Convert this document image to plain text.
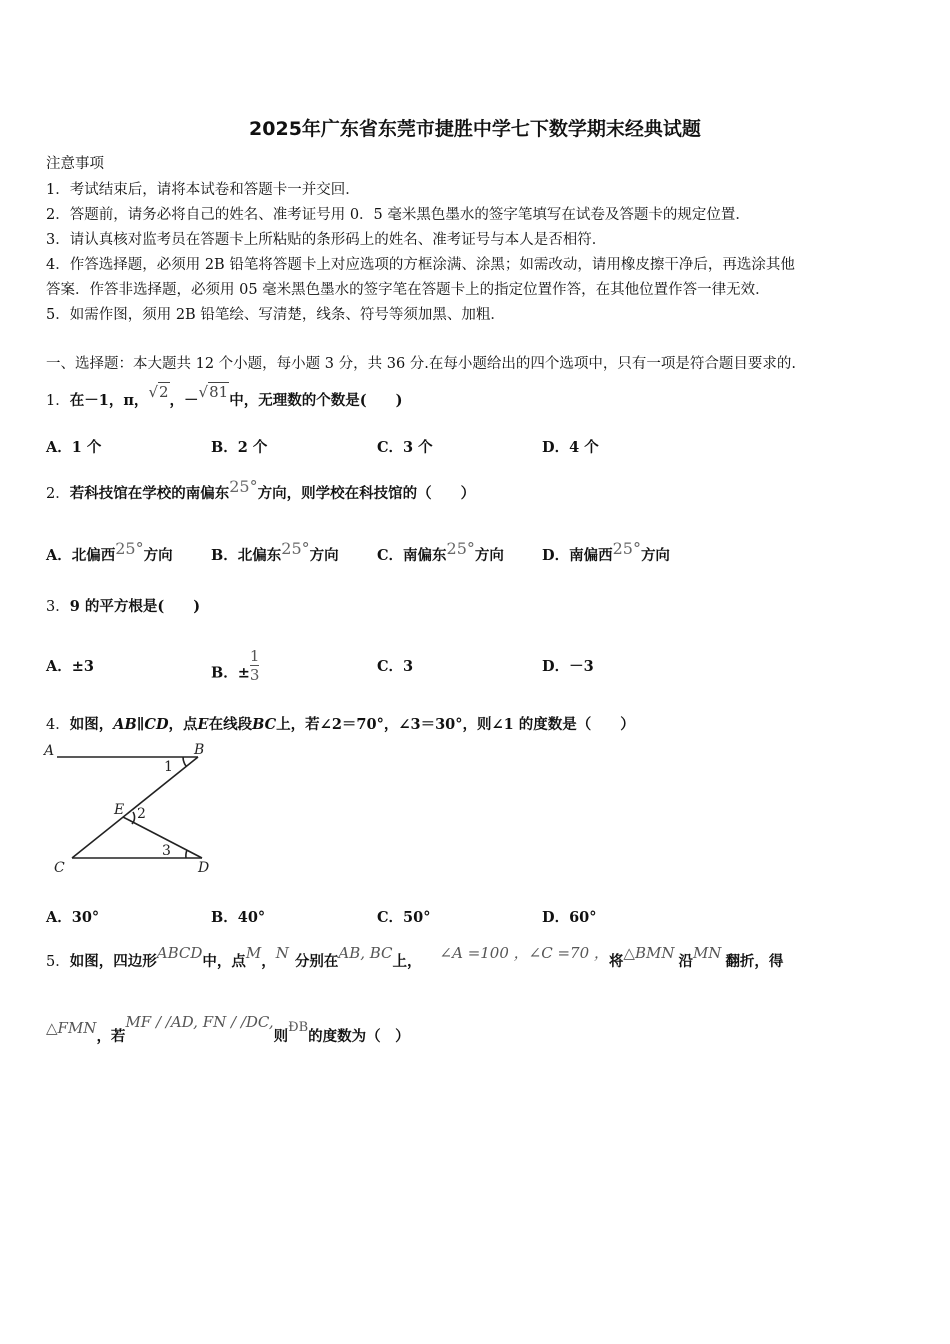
2025年广东省东莞市捷胜中学七下数学期末经典试题
注意事项
1．考试结束后，请将本试卷和答题卡一并交回．
2．答题前，请务必将自己的姓名、准考证号用 0．5 毫米黑色墨水的签字笔填写在试卷及答题卡的规定位置．
3．请认真核对监考员在答题卡上所粘贴的条形码上的姓名、准考证号与本人是否相符．
4．作答选择题，必须用 2B 铅笔将答题卡上对应选项的方框涂满、涂黑；如需改动，请用橡皮擦干净后，再选涂其他
答案．作答非选择题，必须用 05 毫米黑色墨水的签字笔在答题卡上的指定位置作答，在其他位置作答一律无效．
5．如需作图，须用 2B 铅笔绘、写清楚，线条、符号等须加黑、加粗．
一、选择题：本大题共 12 个小题，每小题 3 分，共 36 分.在每小题给出的四个选项中，只有一项是符合题目要求的.
1．在－1，π，√2，－√81中，无理数的个数是(　　)
A．1 个	B．2 个	C．3 个	D．4 个
2．若科技馆在学校的南偏东25°方向，则学校在科技馆的（　　）
A．北偏西25°方向	B．北偏东25°方向	C．南偏东25°方向	D．南偏西25°方向
3．9 的平方根是(　　)
A．±3	B．± $\frac{1}{3}$	C．3	D．－3
4．如图，AB∥CD，点E在线段BC上，若∠2＝70°，∠3＝30°，则∠1 的度数是（　　）
A	B
C	D
E
1
2
3
A．30°	B．40°	C．50°	D．60°
5．如图，四边形ABCD中，点M，N 分别在AB, BC上， ∠A =100 ，∠C =70 ，将△BMN 沿MN 翻折，得
△FMN，若MF / /AD, FN / /DC,则ÐB的度数为（　）
